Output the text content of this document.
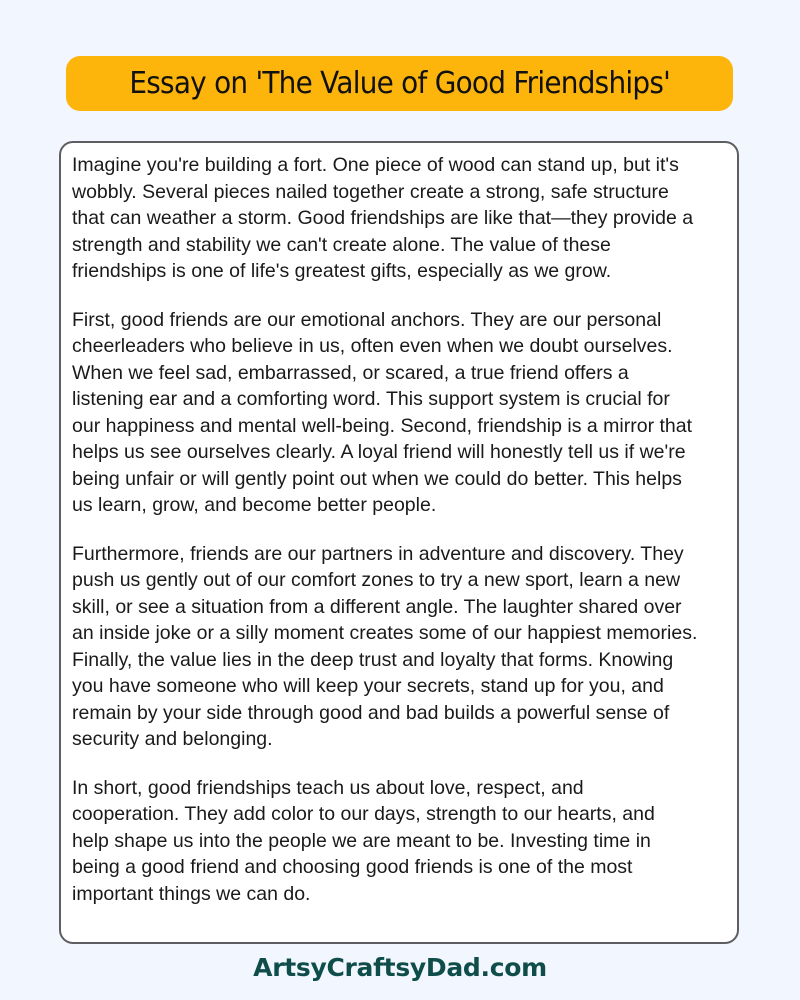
Essay on 'The Value of Good Friendships'

Imagine you're building a fort. One piece of wood can stand up, but it's
wobbly. Several pieces nailed together create a strong, safe structure
that can weather a storm. Good friendships are like that—they provide a
strength and stability we can't create alone. The value of these
friendships is one of life's greatest gifts, especially as we grow.

First, good friends are our emotional anchors. They are our personal
cheerleaders who believe in us, often even when we doubt ourselves.
When we feel sad, embarrassed, or scared, a true friend offers a
listening ear and a comforting word. This support system is crucial for
our happiness and mental well-being. Second, friendship is a mirror that
helps us see ourselves clearly. A loyal friend will honestly tell us if we're
being unfair or will gently point out when we could do better. This helps
us learn, grow, and become better people.

Furthermore, friends are our partners in adventure and discovery. They
push us gently out of our comfort zones to try a new sport, learn a new
skill, or see a situation from a different angle. The laughter shared over
an inside joke or a silly moment creates some of our happiest memories.
Finally, the value lies in the deep trust and loyalty that forms. Knowing
you have someone who will keep your secrets, stand up for you, and
remain by your side through good and bad builds a powerful sense of
security and belonging.

In short, good friendships teach us about love, respect, and
cooperation. They add color to our days, strength to our hearts, and
help shape us into the people we are meant to be. Investing time in
being a good friend and choosing good friends is one of the most
important things we can do.

ArtsyCraftsyDad.com
